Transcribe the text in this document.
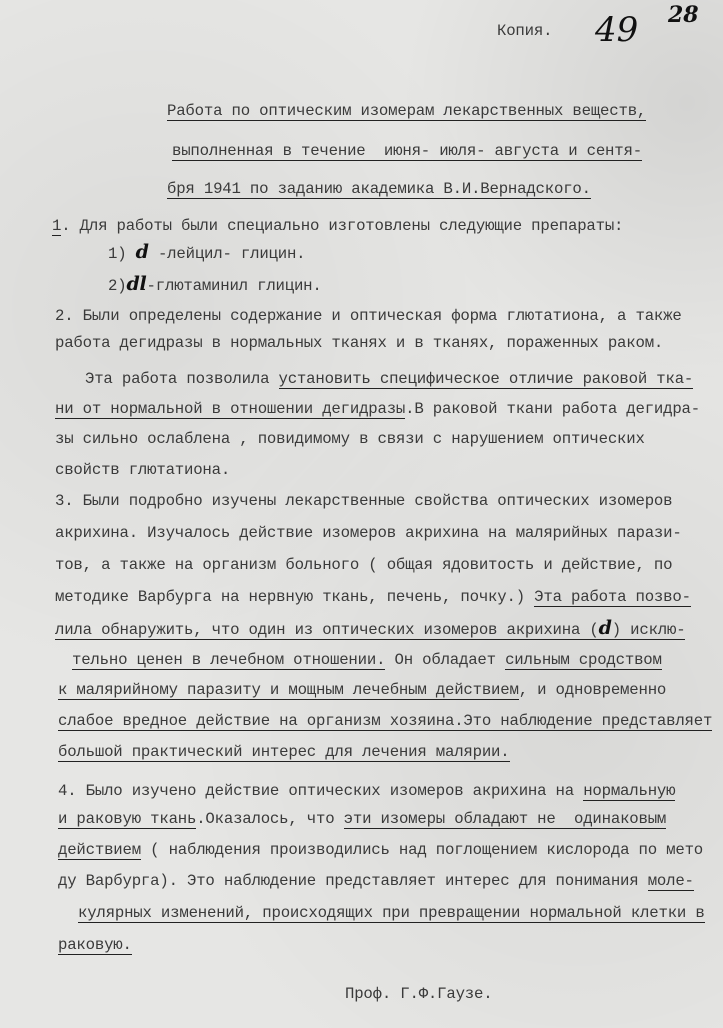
49 28
Копия.
Работа по оптическим изомерам лекарственных веществ,
выполненная в течение  июня- июля- августа и сентя-
бря 1941 по заданию академика В.И.Вернадского.
1. Для работы были специально изготовлены следующие препараты:
1) d -лейцил- глицин.
2)dl-глютаминил глицин.
2. Были определены содержание и оптическая форма глютатиона, а также
работа дегидразы в нормальных тканях и в тканях, пораженных раком.
Эта работа позволила установить специфическое отличие раковой тка-
ни от нормальной в отношении дегидразы.В раковой ткани работа дегидра-
зы сильно ослаблена , повидимому в связи с нарушением оптических
свойств глютатиона.
3. Были подробно изучены лекарственные свойства оптических изомеров
акрихина. Изучалось действие изомеров акрихина на малярийных парази-
тов, а также на организм больного ( общая ядовитость и действие, по
методике Варбурга на нервную ткань, печень, почку.) Эта работа позво-
лила обнаружить, что один из оптических изомеров акрихина (d) исклю-
тельно ценен в лечебном отношении. Он обладает сильным сродством
к малярийному паразиту и мощным лечебным действием, и одновременно
слабое вредное действие на организм хозяина.Это наблюдение представляет
большой практический интерес для лечения малярии.
4. Было изучено действие оптических изомеров акрихина на нормальную
и раковую ткань.Оказалось, что эти изомеры обладают не  одинаковым
действием ( наблюдения производились над поглощением кислорода по мето
ду Варбурга). Это наблюдение представляет интерес для понимания моле-
кулярных изменений, происходящих при превращении нормальной клетки в
раковую.
Проф. Г.Ф.Гаузе.
